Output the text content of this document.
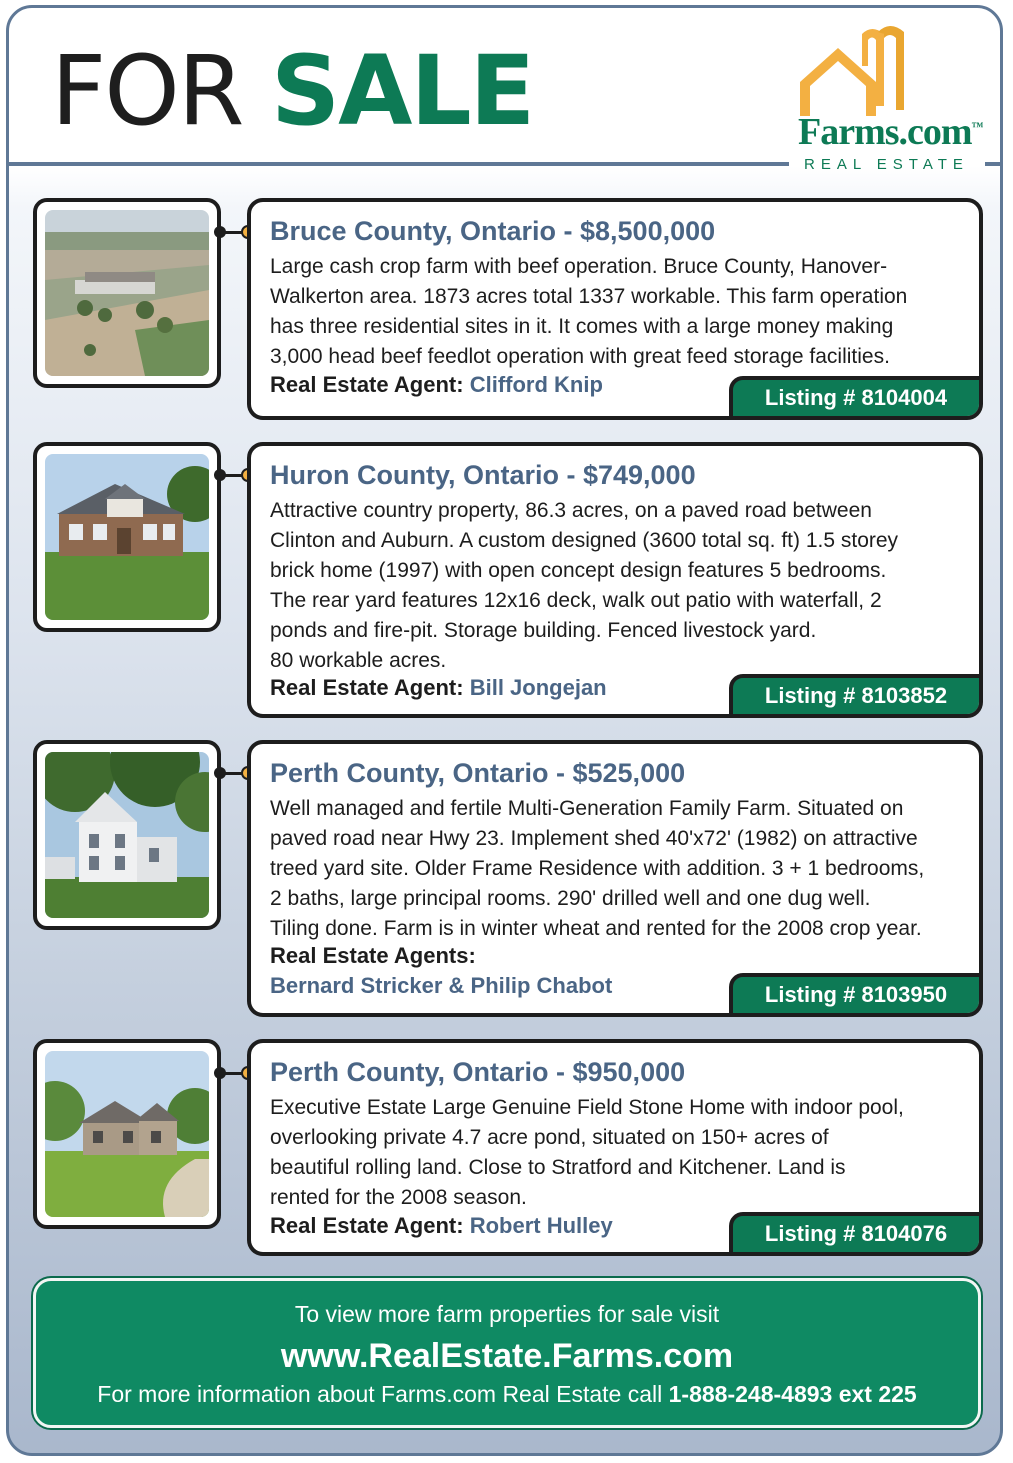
FOR SALE	Farms.com™
REAL ESTATE
Bruce County, Ontario - $8,500,000
Large cash crop farm with beef operation. Bruce County, Hanover-
Walkerton area. 1873 acres total 1337 workable. This farm operation
has three residential sites in it. It comes with a large money making
3,000 head beef feedlot operation with great feed storage facilities.
Real Estate Agent: Clifford Knip
Listing # 8104004
Huron County, Ontario - $749,000
Attractive country property, 86.3 acres, on a paved road between
Clinton and Auburn. A custom designed (3600 total sq. ft) 1.5 storey
brick home (1997) with open concept design features 5 bedrooms.
The rear yard features 12x16 deck, walk out patio with waterfall, 2
ponds and fire-pit. Storage building. Fenced livestock yard.
80 workable acres.
Real Estate Agent: Bill Jongejan	Listing # 8103852
Perth County, Ontario - $525,000
Well managed and fertile Multi-Generation Family Farm. Situated on
paved road near Hwy 23. Implement shed 40'x72' (1982) on attractive
treed yard site. Older Frame Residence with addition. 3 + 1 bedrooms,
2 baths, large principal rooms. 290' drilled well and one dug well.
Tiling done. Farm is in winter wheat and rented for the 2008 crop year.
Real Estate Agents:
Bernard Stricker & Philip Chabot	Listing # 8103950
Perth County, Ontario - $950,000
Executive Estate Large Genuine Field Stone Home with indoor pool,
overlooking private 4.7 acre pond, situated on 150+ acres of
beautiful rolling land. Close to Stratford and Kitchener. Land is
rented for the 2008 season.
Real Estate Agent: Robert Hulley	Listing # 8104076
To view more farm properties for sale visit
www.RealEstate.Farms.com
For more information about Farms.com Real Estate call 1-888-248-4893 ext 225
